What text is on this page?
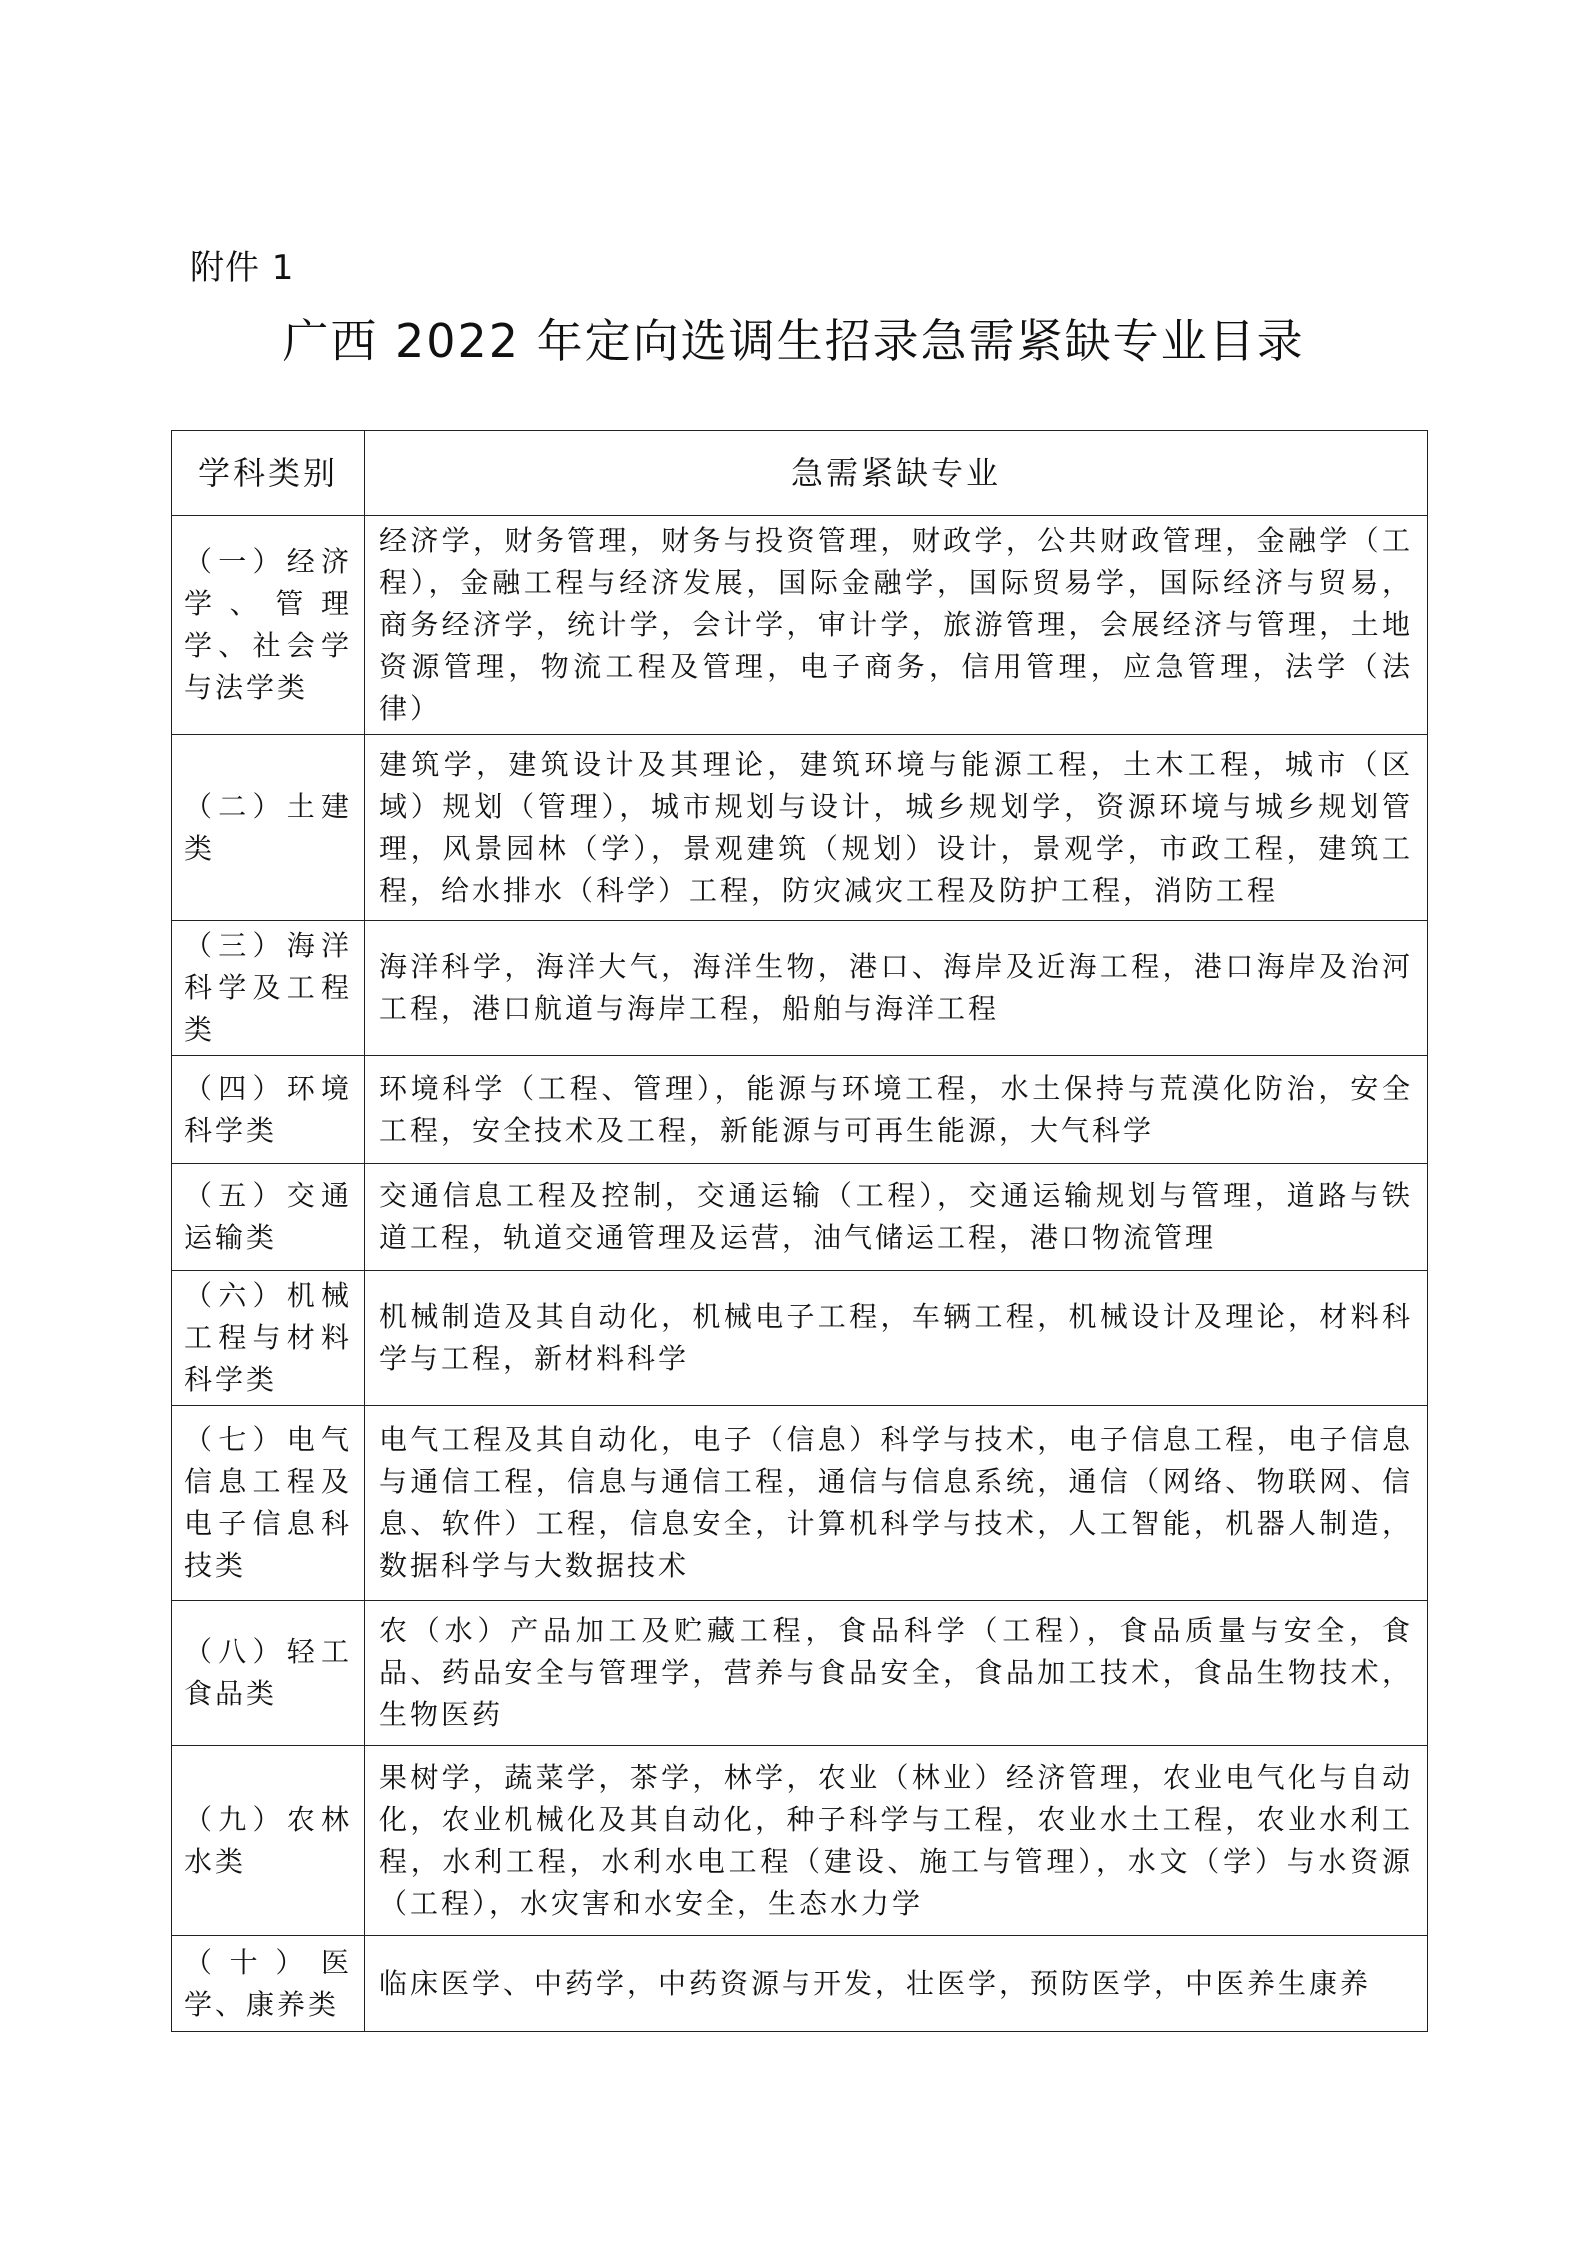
附件 1
广西 2022 年定向选调生招录急需紧缺专业目录
学科类别	急需紧缺专业
（一）经济学、管理学、社会学与法学类	经济学，财务管理，财务与投资管理，财政学，公共财政管理，金融学（工程），金融工程与经济发展，国际金融学，国际贸易学，国际经济与贸易，商务经济学，统计学，会计学，审计学，旅游管理，会展经济与管理，土地资源管理，物流工程及管理，电子商务，信用管理，应急管理，法学（法律）
（二）土建类	建筑学，建筑设计及其理论，建筑环境与能源工程，土木工程，城市（区域）规划（管理），城市规划与设计，城乡规划学，资源环境与城乡规划管理，风景园林（学），景观建筑（规划）设计，景观学，市政工程，建筑工程，给水排水（科学）工程，防灾减灾工程及防护工程，消防工程
（三）海洋科学及工程类	海洋科学，海洋大气，海洋生物，港口、海岸及近海工程，港口海岸及治河工程，港口航道与海岸工程，船舶与海洋工程
（四）环境科学类	环境科学（工程、管理），能源与环境工程，水土保持与荒漠化防治，安全工程，安全技术及工程，新能源与可再生能源，大气科学
（五）交通运输类	交通信息工程及控制，交通运输（工程），交通运输规划与管理，道路与铁道工程，轨道交通管理及运营，油气储运工程，港口物流管理
（六）机械工程与材料科学类	机械制造及其自动化，机械电子工程，车辆工程，机械设计及理论，材料科学与工程，新材料科学
（七）电气信息工程及电子信息科技类	电气工程及其自动化，电子（信息）科学与技术，电子信息工程，电子信息与通信工程，信息与通信工程，通信与信息系统，通信（网络、物联网、信息、软件）工程，信息安全，计算机科学与技术，人工智能，机器人制造，数据科学与大数据技术
（八）轻工食品类	农（水）产品加工及贮藏工程，食品科学（工程），食品质量与安全，食品、药品安全与管理学，营养与食品安全，食品加工技术，食品生物技术，生物医药
（九）农林水类	果树学，蔬菜学，茶学，林学，农业（林业）经济管理，农业电气化与自动化，农业机械化及其自动化，种子科学与工程，农业水土工程，农业水利工程，水利工程，水利水电工程（建设、施工与管理），水文（学）与水资源（工程），水灾害和水安全，生态水力学
（十）医学、康养类	临床医学、中药学，中药资源与开发，壮医学，预防医学，中医养生康养
